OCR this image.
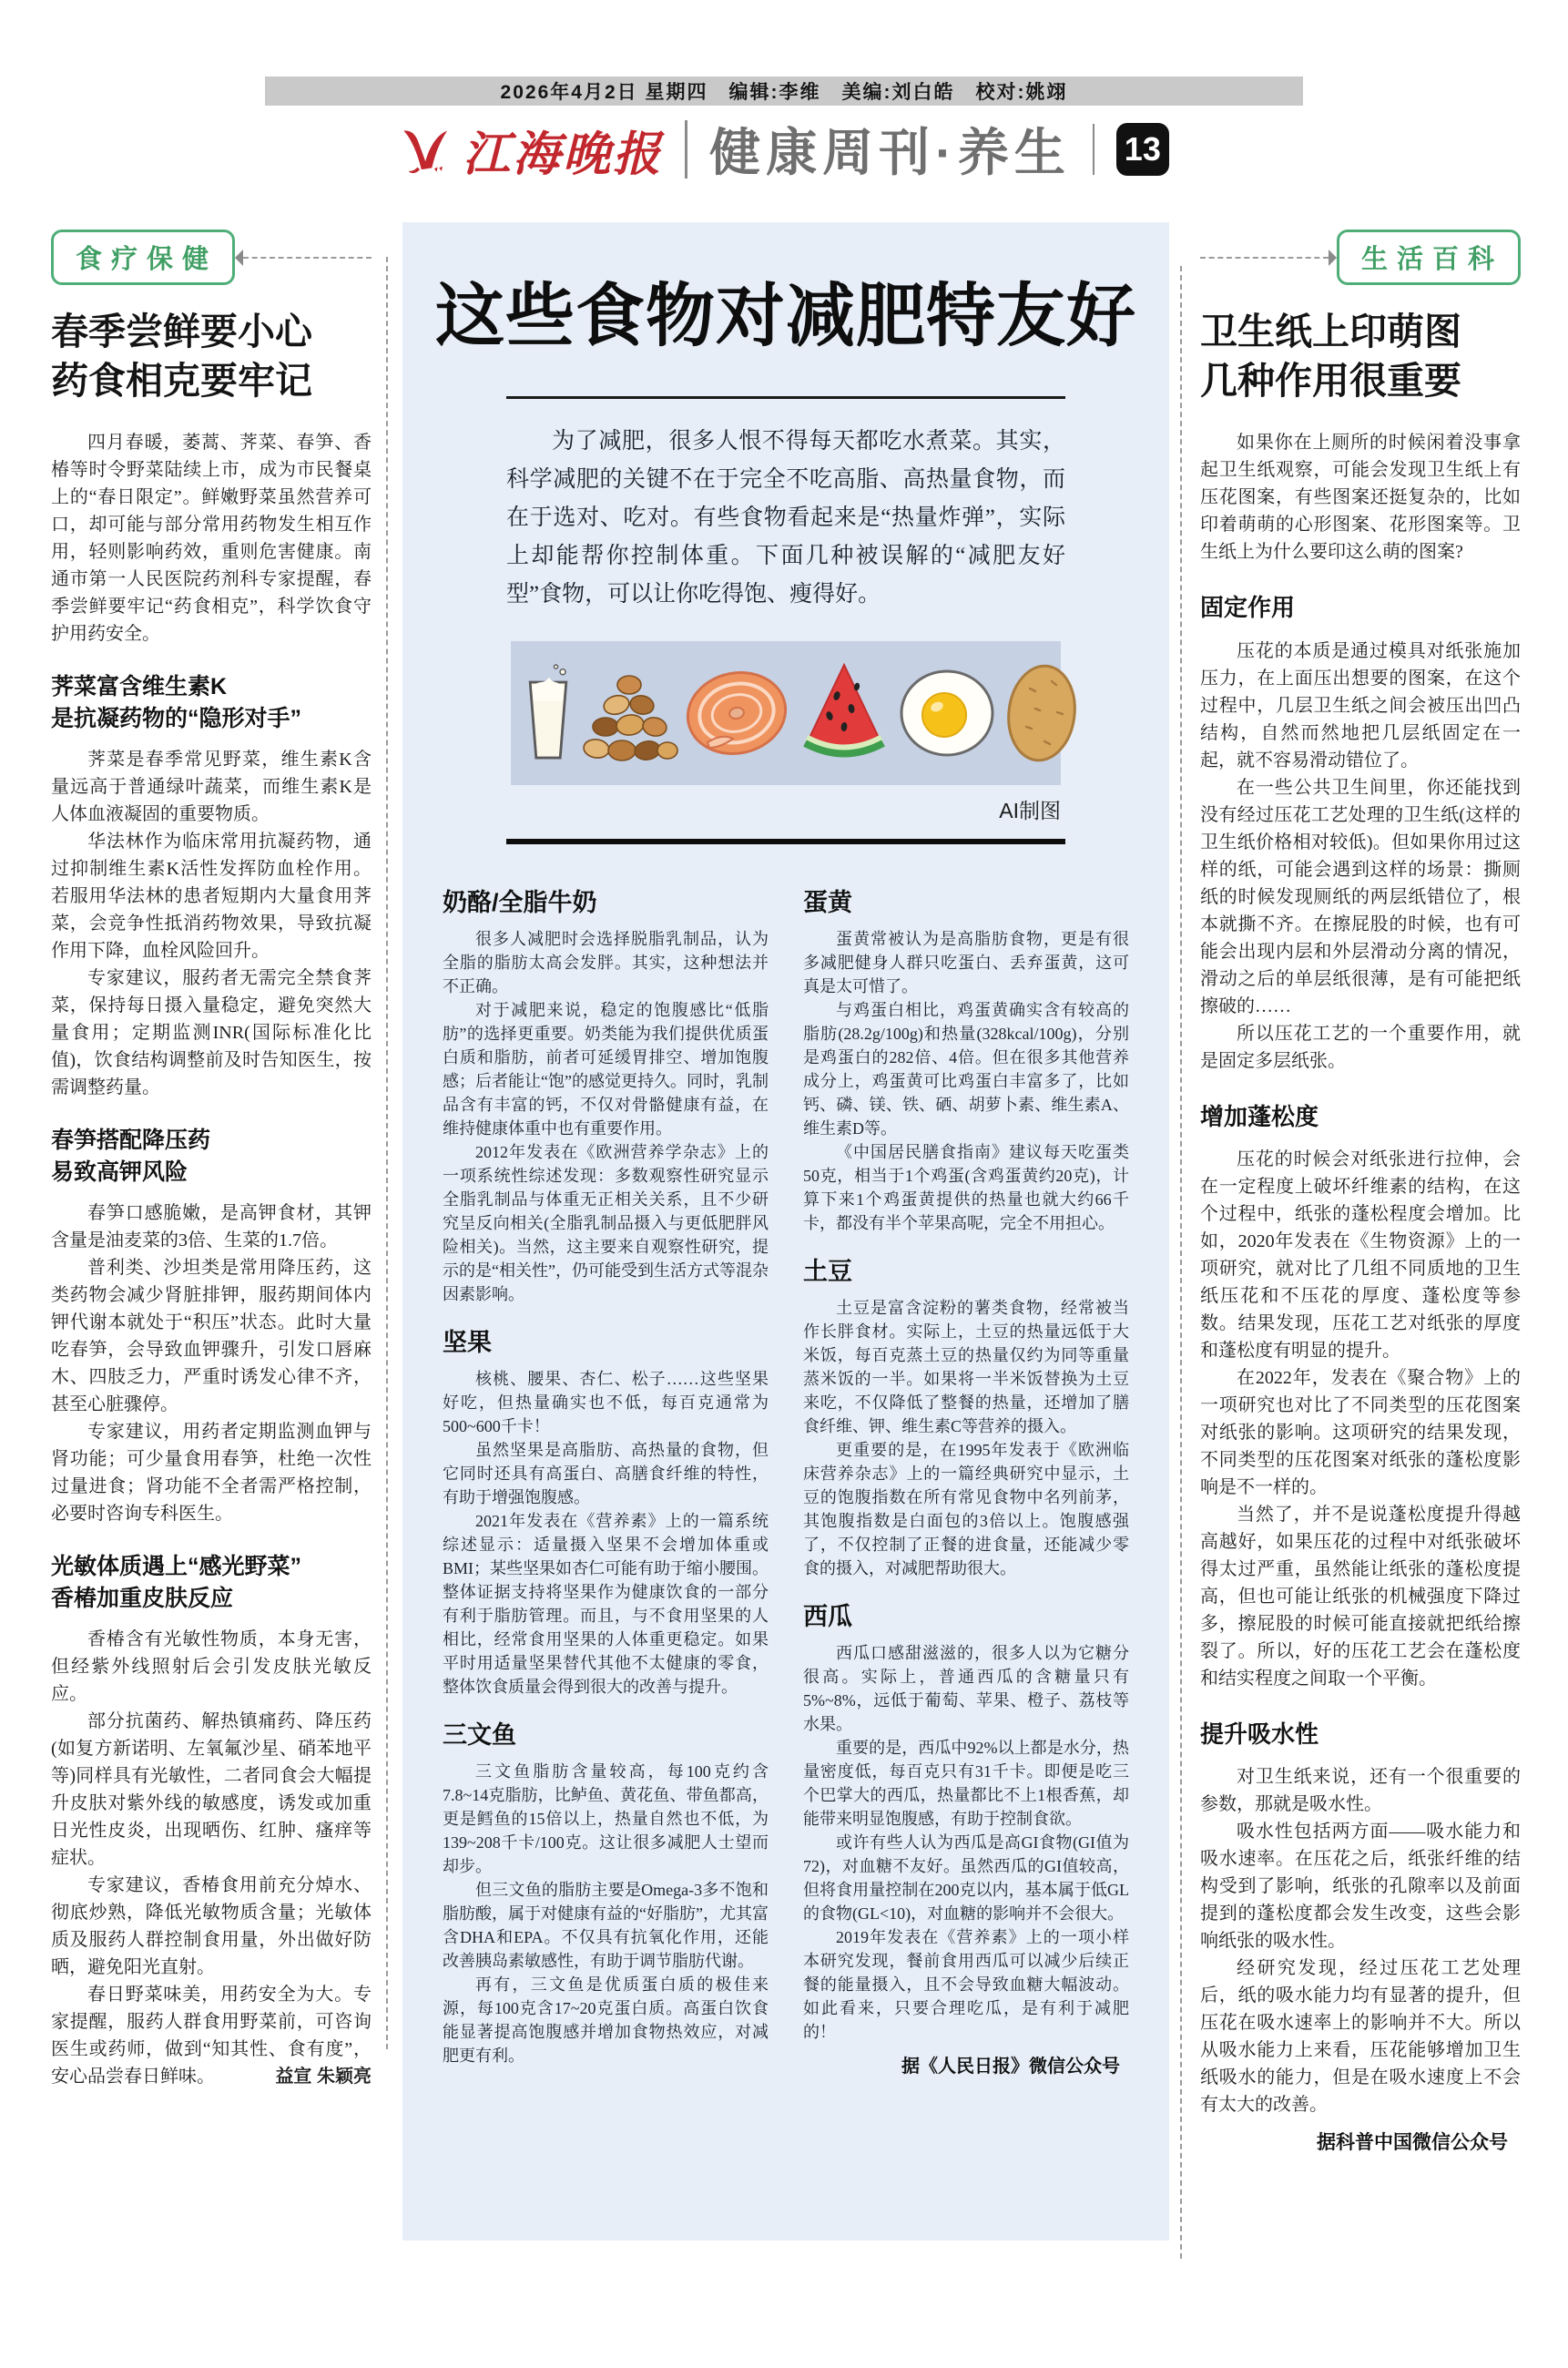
2026年4月2日 星期四　编辑:李维　美编:刘白皓　校对:姚翊
江海晚报 健康周刊·养生 13
食疗保健
春季尝鲜要小心
药食相克要牢记

四月春暖，萎蒿、荠菜、春笋、香椿等时令野菜陆续上市，成为市民餐桌上的“春日限定”。鲜嫩野菜虽然营养可口，却可能与部分常用药物发生相互作用，轻则影响药效，重则危害健康。南通市第一人民医院药剂科专家提醒，春季尝鲜要牢记“药食相克”，科学饮食守护用药安全。

荠菜富含维生素K
是抗凝药物的“隐形对手”

荠菜是春季常见野菜，维生素K含量远高于普通绿叶蔬菜，而维生素K是人体血液凝固的重要物质。

华法林作为临床常用抗凝药物，通过抑制维生素K活性发挥防血栓作用。若服用华法林的患者短期内大量食用荠菜，会竞争性抵消药物效果，导致抗凝作用下降，血栓风险回升。

专家建议，服药者无需完全禁食荠菜，保持每日摄入量稳定，避免突然大量食用；定期监测INR(国际标准化比值)，饮食结构调整前及时告知医生，按需调整药量。

春笋搭配降压药
易致高钾风险

春笋口感脆嫩，是高钾食材，其钾含量是油麦菜的3倍、生菜的1.7倍。

普利类、沙坦类是常用降压药，这类药物会减少肾脏排钾，服药期间体内钾代谢本就处于“积压”状态。此时大量吃春笋，会导致血钾骤升，引发口唇麻木、四肢乏力，严重时诱发心律不齐，甚至心脏骤停。

专家建议，用药者定期监测血钾与肾功能；可少量食用春笋，杜绝一次性过量进食；肾功能不全者需严格控制，必要时咨询专科医生。

光敏体质遇上“感光野菜”
香椿加重皮肤反应

香椿含有光敏性物质，本身无害，但经紫外线照射后会引发皮肤光敏反应。

部分抗菌药、解热镇痛药、降压药(如复方新诺明、左氧氟沙星、硝苯地平等)同样具有光敏性，二者同食会大幅提升皮肤对紫外线的敏感度，诱发或加重日光性皮炎，出现晒伤、红肿、瘙痒等症状。

专家建议，香椿食用前充分焯水、彻底炒熟，降低光敏物质含量；光敏体质及服药人群控制食用量，外出做好防晒，避免阳光直射。

春日野菜味美，用药安全为大。专家提醒，服药人群食用野菜前，可咨询医生或药师，做到“知其性、食有度”，安心品尝春日鲜味。	益宣 朱颖亮

这些食物对减肥特友好
为了减肥，很多人恨不得每天都吃水煮菜。其实，科学减肥的关键不在于完全不吃高脂、高热量食物，而在于选对、吃对。有些食物看起来是“热量炸弹”，实际上却能帮你控制体重。下面几种被误解的“减肥友好型”食物，可以让你吃得饱、瘦得好。
AI制图
奶酪/全脂牛奶

很多人减肥时会选择脱脂乳制品，认为全脂的脂肪太高会发胖。其实，这种想法并不正确。

对于减肥来说，稳定的饱腹感比“低脂肪”的选择更重要。奶类能为我们提供优质蛋白质和脂肪，前者可延缓胃排空、增加饱腹感；后者能让“饱”的感觉更持久。同时，乳制品含有丰富的钙，不仅对骨骼健康有益，在维持健康体重中也有重要作用。

2012年发表在《欧洲营养学杂志》上的一项系统性综述发现：多数观察性研究显示全脂乳制品与体重无正相关关系，且不少研究呈反向相关(全脂乳制品摄入与更低肥胖风险相关)。当然，这主要来自观察性研究，提示的是“相关性”，仍可能受到生活方式等混杂因素影响。

坚果

核桃、腰果、杏仁、松子……这些坚果好吃，但热量确实也不低，每百克通常为500~600千卡！

虽然坚果是高脂肪、高热量的食物，但它同时还具有高蛋白、高膳食纤维的特性，有助于增强饱腹感。

2021年发表在《营养素》上的一篇系统综述显示：适量摄入坚果不会增加体重或BMI；某些坚果如杏仁可能有助于缩小腰围。整体证据支持将坚果作为健康饮食的一部分有利于脂肪管理。而且，与不食用坚果的人相比，经常食用坚果的人体重更稳定。如果平时用适量坚果替代其他不太健康的零食，整体饮食质量会得到很大的改善与提升。

三文鱼

三文鱼脂肪含量较高，每100克约含7.8~14克脂肪，比鲈鱼、黄花鱼、带鱼都高，更是鳕鱼的15倍以上，热量自然也不低，为139~208千卡/100克。这让很多减肥人士望而却步。

但三文鱼的脂肪主要是Omega-3多不饱和脂肪酸，属于对健康有益的“好脂肪”，尤其富含DHA和EPA。不仅具有抗氧化作用，还能改善胰岛素敏感性，有助于调节脂肪代谢。

再有，三文鱼是优质蛋白质的极佳来源，每100克含17~20克蛋白质。高蛋白饮食能显著提高饱腹感并增加食物热效应，对减肥更有利。

蛋黄

蛋黄常被认为是高脂肪食物，更是有很多减肥健身人群只吃蛋白、丢弃蛋黄，这可真是太可惜了。

与鸡蛋白相比，鸡蛋黄确实含有较高的脂肪(28.2g/100g)和热量(328kcal/100g)，分别是鸡蛋白的282倍、4倍。但在很多其他营养成分上，鸡蛋黄可比鸡蛋白丰富多了，比如钙、磷、镁、铁、硒、胡萝卜素、维生素A、维生素D等。

《中国居民膳食指南》建议每天吃蛋类50克，相当于1个鸡蛋(含鸡蛋黄约20克)，计算下来1个鸡蛋黄提供的热量也就大约66千卡，都没有半个苹果高呢，完全不用担心。

土豆

土豆是富含淀粉的薯类食物，经常被当作长胖食材。实际上，土豆的热量远低于大米饭，每百克蒸土豆的热量仅约为同等重量蒸米饭的一半。如果将一半米饭替换为土豆来吃，不仅降低了整餐的热量，还增加了膳食纤维、钾、维生素C等营养的摄入。

更重要的是，在1995年发表于《欧洲临床营养杂志》上的一篇经典研究中显示，土豆的饱腹指数在所有常见食物中名列前茅，其饱腹指数是白面包的3倍以上。饱腹感强了，不仅控制了正餐的进食量，还能减少零食的摄入，对减肥帮助很大。

西瓜

西瓜口感甜滋滋的，很多人以为它糖分很高。实际上，普通西瓜的含糖量只有5%~8%，远低于葡萄、苹果、橙子、荔枝等水果。

重要的是，西瓜中92%以上都是水分，热量密度低，每百克只有31千卡。即便是吃三个巴掌大的西瓜，热量都比不上1根香蕉，却能带来明显饱腹感，有助于控制食欲。

或许有些人认为西瓜是高GI食物(GI值为72)，对血糖不友好。虽然西瓜的GI值较高，但将食用量控制在200克以内，基本属于低GL的食物(GL<10)，对血糖的影响并不会很大。

2019年发表在《营养素》上的一项小样本研究发现，餐前食用西瓜可以减少后续正餐的能量摄入，且不会导致血糖大幅波动。如此看来，只要合理吃瓜，是有利于减肥的！

据《人民日报》微信公众号
生活百科
卫生纸上印萌图
几种作用很重要

如果你在上厕所的时候闲着没事拿起卫生纸观察，可能会发现卫生纸上有压花图案，有些图案还挺复杂的，比如印着萌萌的心形图案、花形图案等。卫生纸上为什么要印这么萌的图案?

固定作用

压花的本质是通过模具对纸张施加压力，在上面压出想要的图案，在这个过程中，几层卫生纸之间会被压出凹凸结构，自然而然地把几层纸固定在一起，就不容易滑动错位了。

在一些公共卫生间里，你还能找到没有经过压花工艺处理的卫生纸(这样的卫生纸价格相对较低)。但如果你用过这样的纸，可能会遇到这样的场景：撕厕纸的时候发现厕纸的两层纸错位了，根本就撕不齐。在擦屁股的时候，也有可能会出现内层和外层滑动分离的情况，滑动之后的单层纸很薄，是有可能把纸擦破的……

所以压花工艺的一个重要作用，就是固定多层纸张。

增加蓬松度

压花的时候会对纸张进行拉伸，会在一定程度上破坏纤维素的结构，在这个过程中，纸张的蓬松程度会增加。比如，2020年发表在《生物资源》上的一项研究，就对比了几组不同质地的卫生纸压花和不压花的厚度、蓬松度等参数。结果发现，压花工艺对纸张的厚度和蓬松度有明显的提升。

在2022年，发表在《聚合物》上的一项研究也对比了不同类型的压花图案对纸张的影响。这项研究的结果发现，不同类型的压花图案对纸张的蓬松度影响是不一样的。

当然了，并不是说蓬松度提升得越高越好，如果压花的过程中对纸张破坏得太过严重，虽然能让纸张的蓬松度提高，但也可能让纸张的机械强度下降过多，擦屁股的时候可能直接就把纸给擦裂了。所以，好的压花工艺会在蓬松度和结实程度之间取一个平衡。

提升吸水性

对卫生纸来说，还有一个很重要的参数，那就是吸水性。

吸水性包括两方面——吸水能力和吸水速率。在压花之后，纸张纤维的结构受到了影响，纸张的孔隙率以及前面提到的蓬松度都会发生改变，这些会影响纸张的吸水性。

经研究发现，经过压花工艺处理后，纸的吸水能力均有显著的提升，但压花在吸水速率上的影响并不大。所以从吸水能力上来看，压花能够增加卫生纸吸水的能力，但是在吸水速度上不会有太大的改善。

据科普中国微信公众号
